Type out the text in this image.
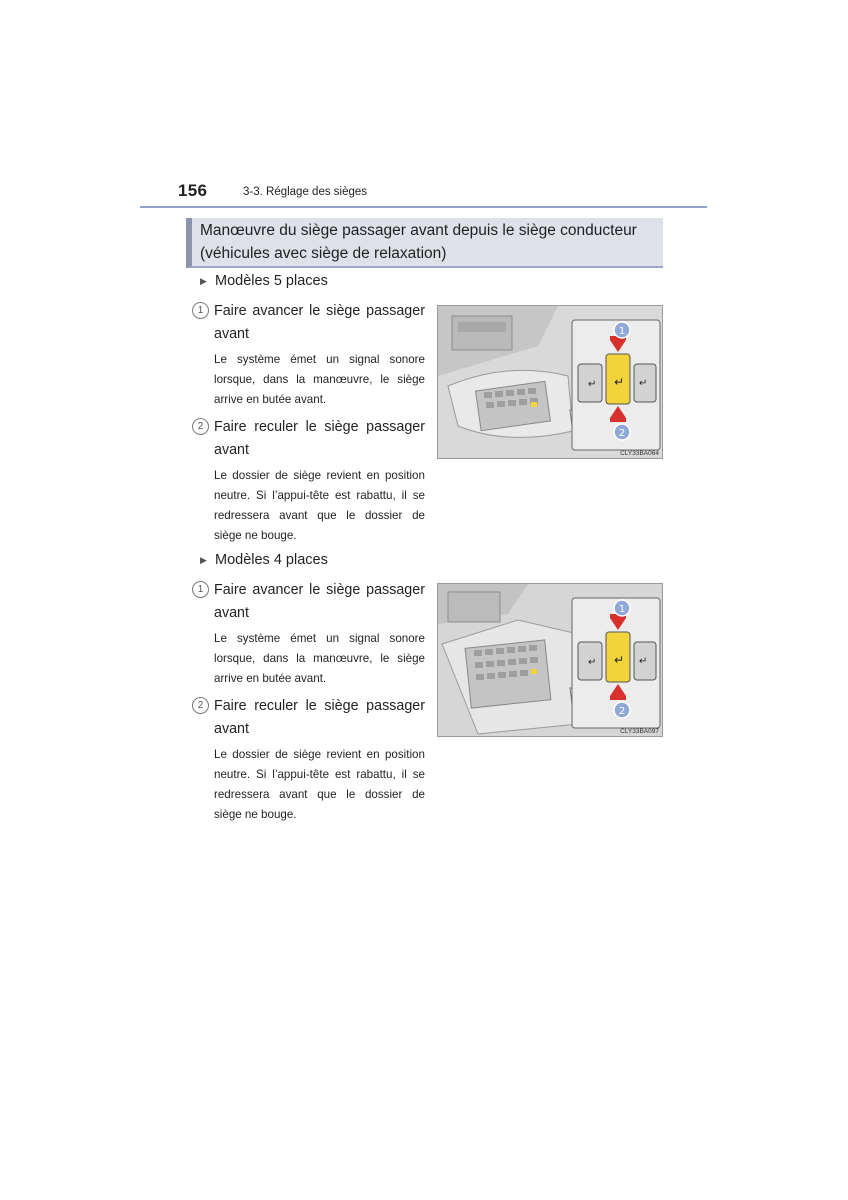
156	3-3. Réglage des sièges
Manœuvre du siège passager avant depuis le siège conducteur
(véhicules avec siège de relaxation)
▶ Modèles 5 places
1 Faire avancer le siège passager
avant
Le système émet un signal sonore
lorsque, dans la manœuvre, le siège
arrive en butée avant.
2 Faire reculer le siège passager
avant
Le dossier de siège revient en position
neutre. Si l’appui-tête est rabattu, il se
redressera avant que le dossier de
siège ne bouge.
↵ ↵ ↵
1
2
CLY33BA064
▶ Modèles 4 places
1 Faire avancer le siège passager
avant
Le système émet un signal sonore
lorsque, dans la manœuvre, le siège
arrive en butée avant.
2 Faire reculer le siège passager
avant
Le dossier de siège revient en position
neutre. Si l’appui-tête est rabattu, il se
redressera avant que le dossier de
siège ne bouge.
↵ ↵ ↵
1
2
CLY33BA097
